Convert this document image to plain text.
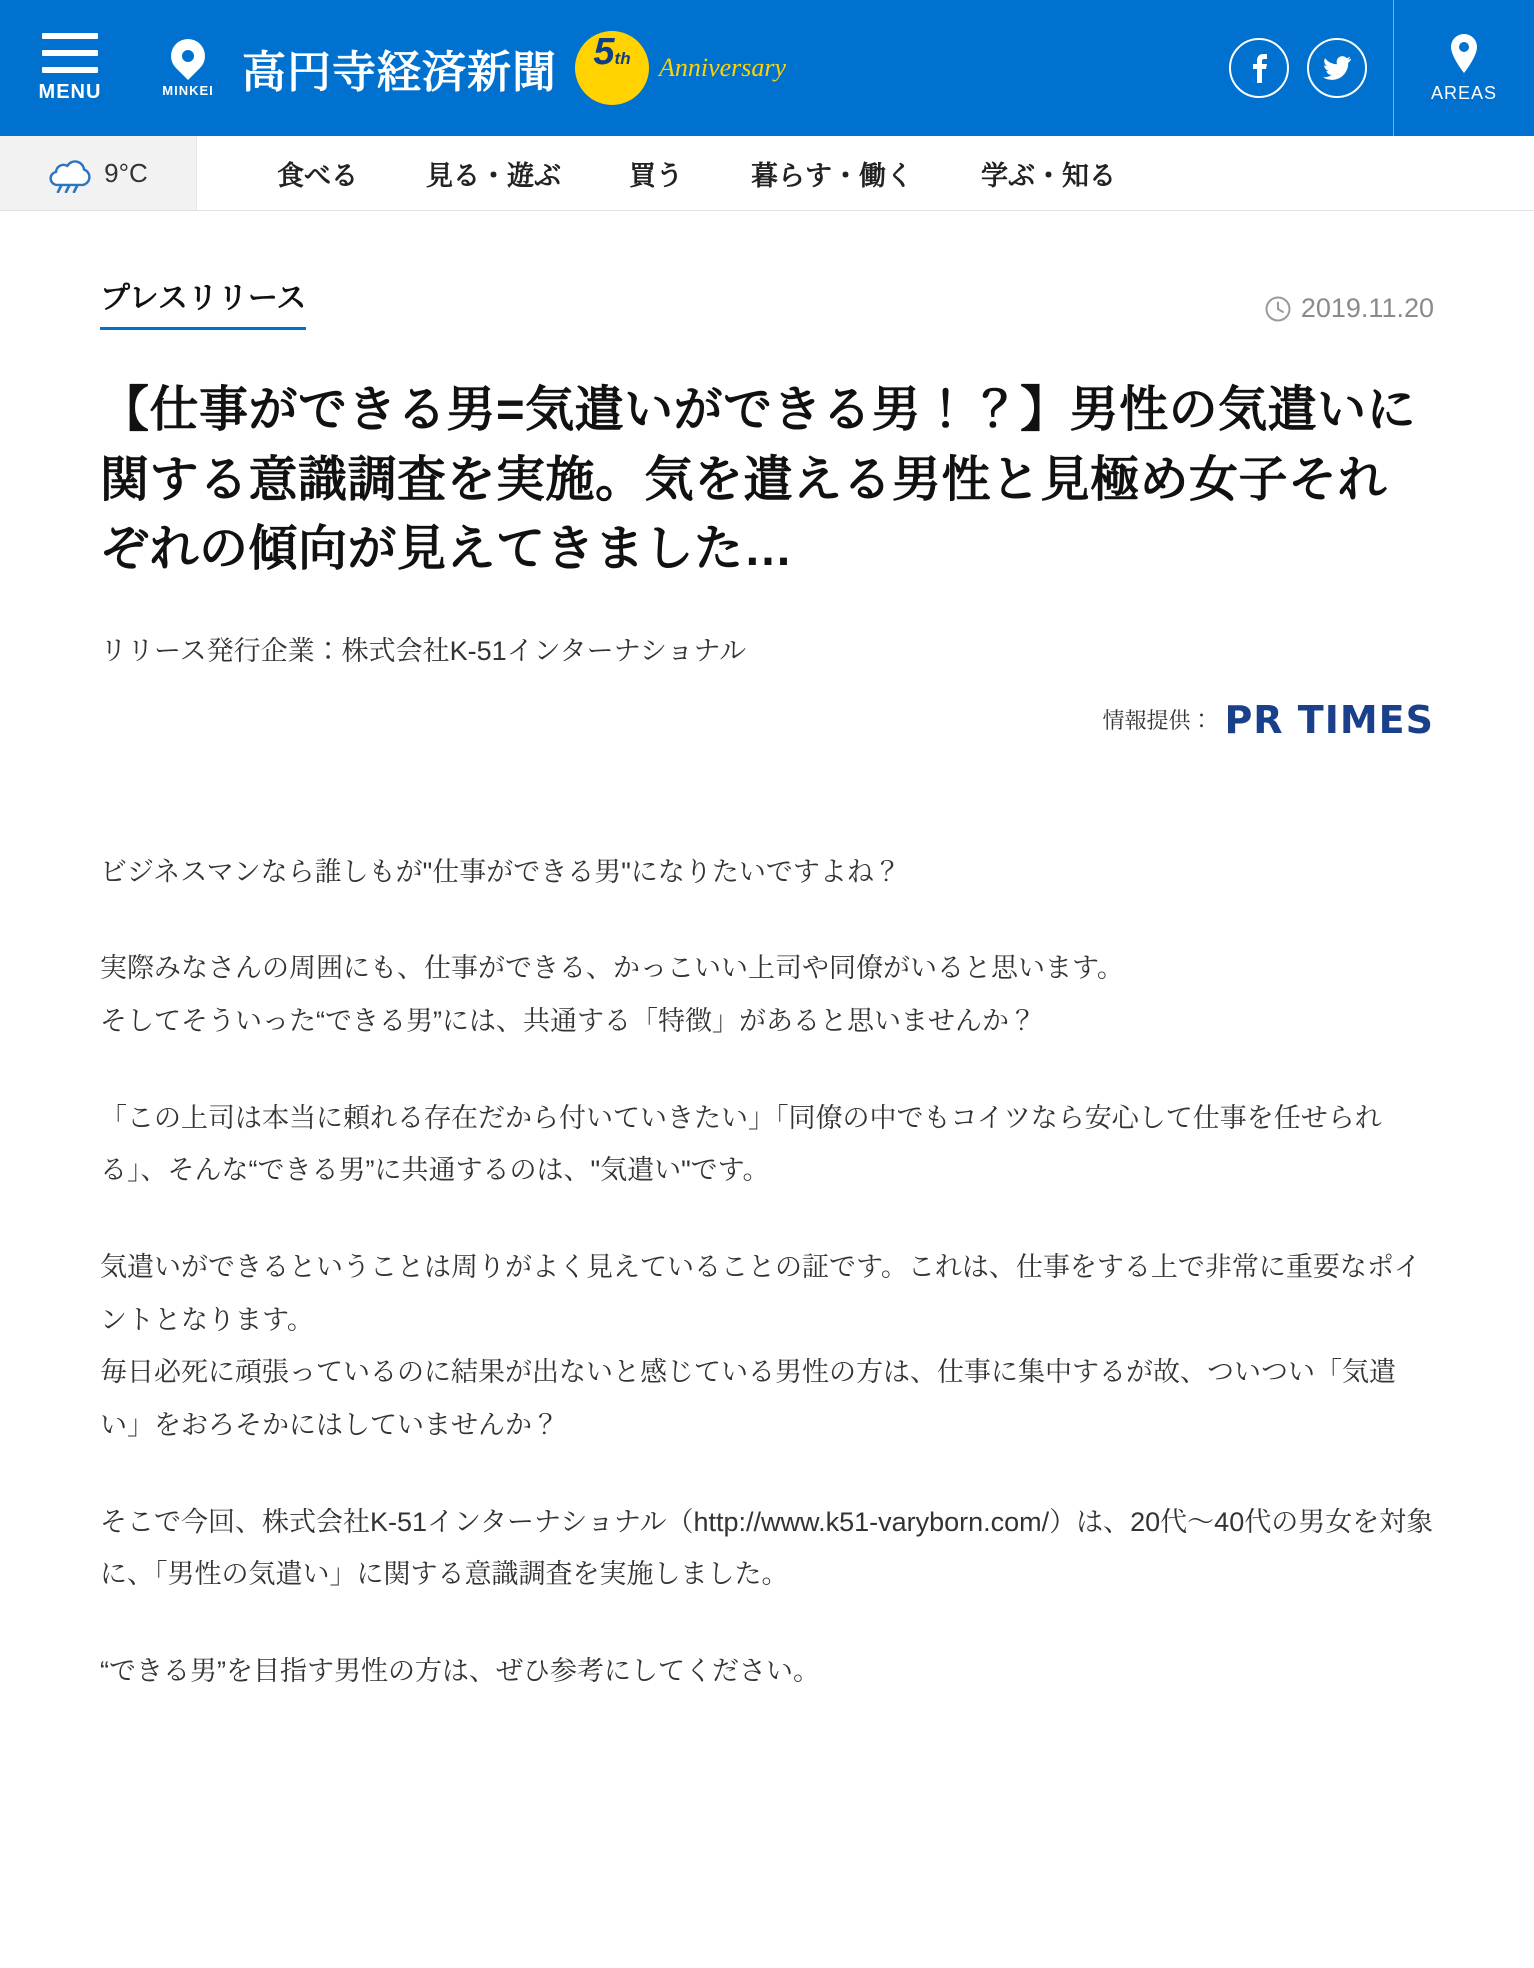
MENU	MINKEI 高円寺経済新聞 5 th Anniversary
AREAS
9°C	食べる	見る・遊ぶ	買う	暮らす・働く	学ぶ・知る
プレスリリース	2019.11.20
【仕事ができる男=気遣いができる男！？】男性の気遣いに関する意識調査を実施。気を遣える男性と見極め女子それぞれの傾向が見えてきました…
リリース発行企業：株式会社K-51インターナショナル
情報提供： PR TIMES

ビジネスマンなら誰しもが"仕事ができる男"になりたいですよね？

実際みなさんの周囲にも、仕事ができる、かっこいい上司や同僚がいると思います。
そしてそういった“できる男”には、共通する「特徴」があると思いませんか？

「この上司は本当に頼れる存在だから付いていきたい」「同僚の中でもコイツなら安心して仕事を任せられる」、そんな“できる男”に共通するのは、"気遣い"です。

気遣いができるということは周りがよく見えていることの証です。これは、仕事をする上で非常に重要なポイントとなります。
毎日必死に頑張っているのに結果が出ないと感じている男性の方は、仕事に集中するが故、ついつい「気遣い」をおろそかにはしていませんか？

そこで今回、株式会社K-51インターナショナル（http://www.k51-varyborn.com/）は、20代〜40代の男女を対象に、「男性の気遣い」に関する意識調査を実施しました。

“できる男”を目指す男性の方は、ぜひ参考にしてください。
